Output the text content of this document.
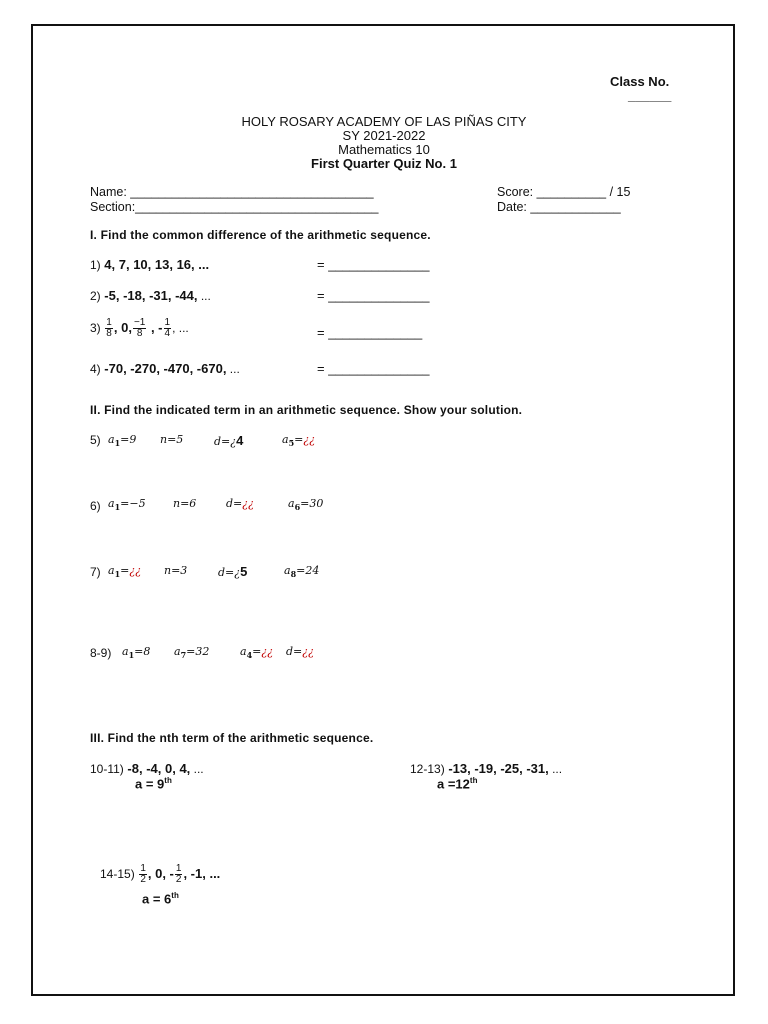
Class No.
______
HOLY ROSARY ACADEMY OF LAS PIÑAS CITY
SY 2021-2022
Mathematics 10
First Quarter Quiz No. 1
Name: ___________________________________
Section:___________________________________
Score: __________ / 15
Date: _____________
I. Find the common difference of the arithmetic sequence.
1) 4, 7, 10, 13, 16, ...	= ______________
2) -5, -18, -31, -44, ...	= ______________
$3) \frac{1}{8}$ , 0, $\frac{-1}{8}$ , - $\frac{1}{4}$ , ...	= _____________
4) -70, -270, -470, -670, ...	= ______________
II. Find the indicated term in an arithmetic sequence. Show your solution.
5) $a_1=9$ n=5	d=¿4	$a_5=¿¿$
6) $a_1=-5$ n=6	d=¿¿	$a_6=30$
7) $a_1=¿¿$ n=3	d=¿5	$a_8=24$
8-9) $a_1=8$ $a_7=32$	$a_4=¿¿$ d=¿¿
III. Find the nth term of the arithmetic sequence.
10-11) -8, -4, 0, 4, ...
a = 9th
12-13) -13, -19, -25, -31, ...
a =12th
$14-15) \frac{1}{2}$ , 0, - $\frac{1}{2}$ , -1, ...
a = 6th
